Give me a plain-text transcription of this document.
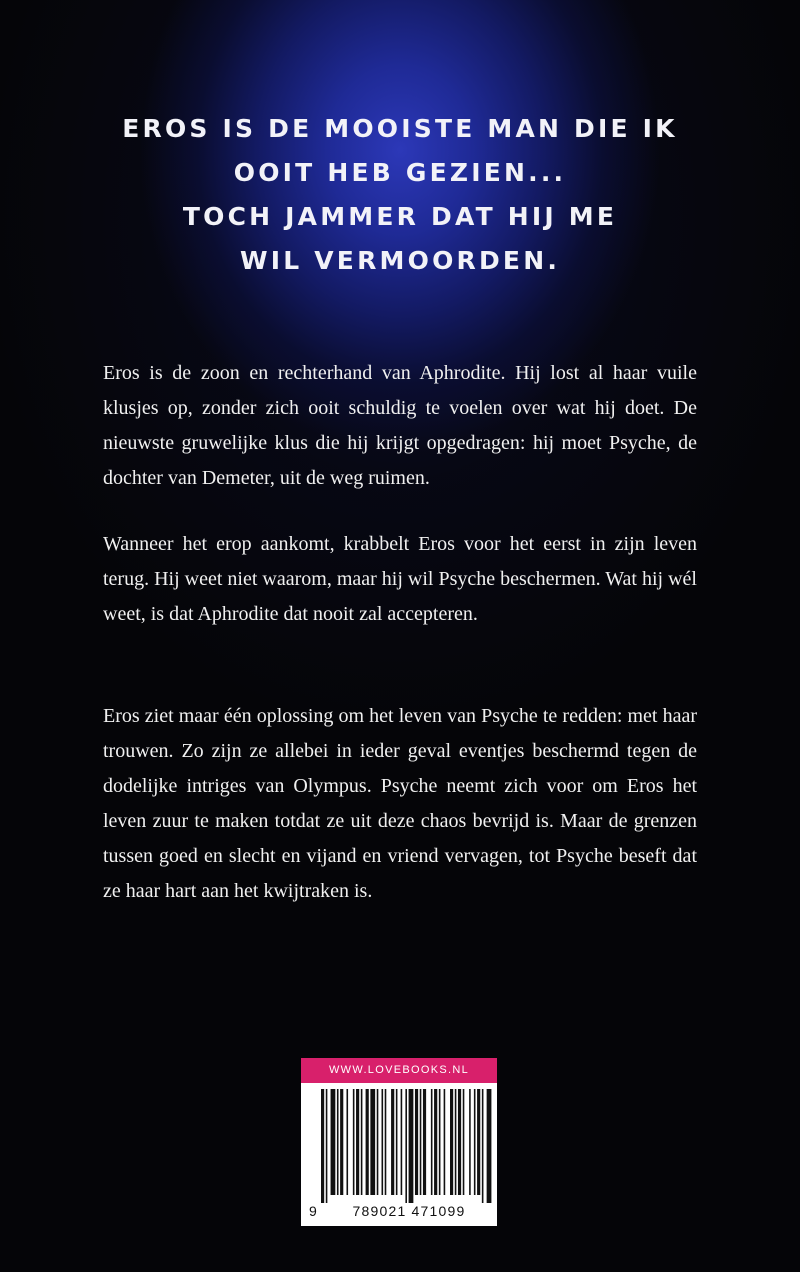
EROS IS DE MOOISTE MAN DIE IK
OOIT HEB GEZIEN...

TOCH JAMMER DAT HIJ ME
WIL VERMOORDEN.

Eros is de zoon en rechterhand van Aphrodite. Hij lost al haar vuile klusjes op, zonder zich ooit schuldig te voelen over wat hij doet. De nieuwste gruwelijke klus die hij krijgt opgedragen: hij moet Psyche, de dochter van Demeter, uit de weg ruimen.

Wanneer het erop aankomt, krabbelt Eros voor het eerst in zijn leven terug. Hij weet niet waarom, maar hij wil Psyche beschermen. Wat hij wél weet, is dat Aphrodite dat nooit zal accepteren.

Eros ziet maar één oplossing om het leven van Psyche te redden: met haar trouwen. Zo zijn ze allebei in ieder geval eventjes beschermd tegen de dodelijke intriges van Olympus. Psyche neemt zich voor om Eros het leven zuur te maken totdat ze uit deze chaos bevrijd is. Maar de grenzen tussen goed en slecht en vijand en vriend vervagen, tot Psyche beseft dat ze haar hart aan het kwijtraken is.

WWW.LOVEBOOKS.NL
9	789021 471099
